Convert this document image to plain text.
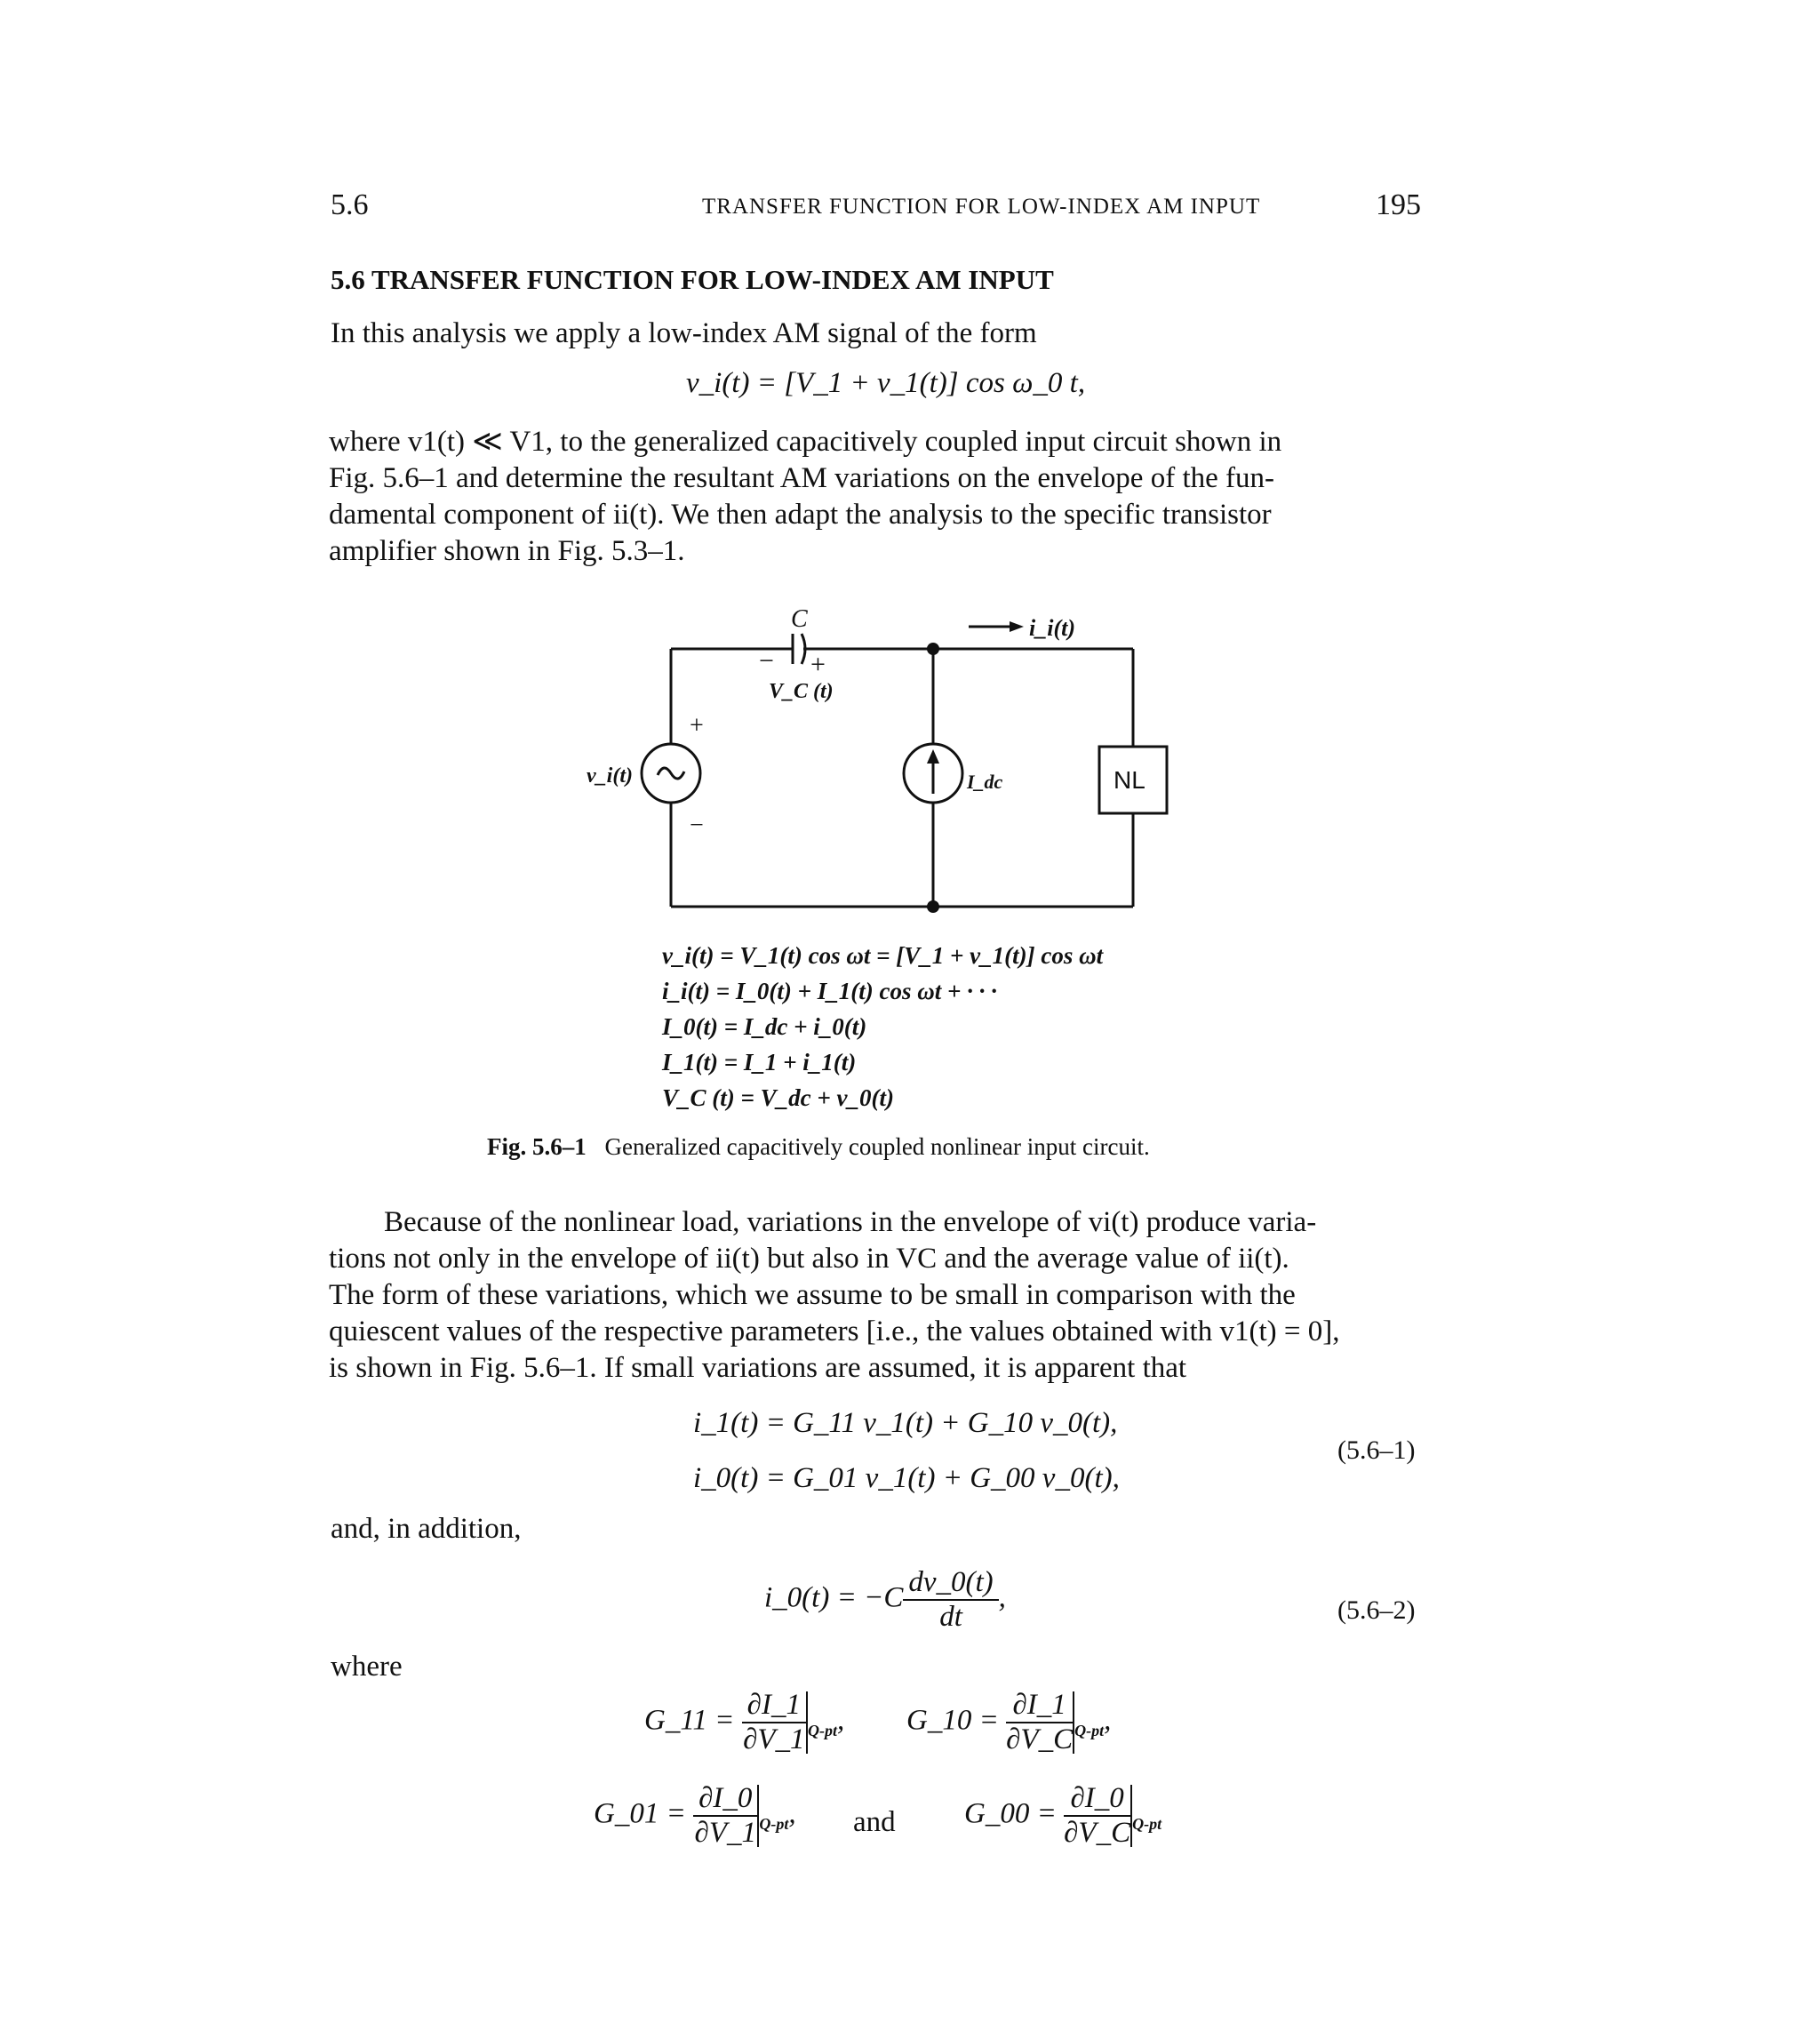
5.6	TRANSFER FUNCTION FOR LOW-INDEX AM INPUT	195
5.6 TRANSFER FUNCTION FOR LOW-INDEX AM INPUT
In this analysis we apply a low-index AM signal of the form
v_i(t) = [V_1 + v_1(t)] cos ω_0 t,
where v1(t) ≪ V1, to the generalized capacitively coupled input circuit shown in
Fig. 5.6–1 and determine the resultant AM variations on the envelope of the fun-
damental component of ii(t). We then adapt the analysis to the specific transistor
amplifier shown in Fig. 5.3–1.
C	i_i(t)
− +
V_C (t)
+
−
v_i(t)	I_dc	NL
v_i(t) = V_1(t) cos ωt = [V_1 + v_1(t)] cos ωt
i_i(t) = I_0(t) + I_1(t) cos ωt + · · ·
I_0(t) = I_dc + i_0(t)
I_1(t) = I_1 + i_1(t)
V_C (t) = V_dc + v_0(t)
Fig. 5.6–1 Generalized capacitively coupled nonlinear input circuit.
Because of the nonlinear load, variations in the envelope of vi(t) produce varia-
tions not only in the envelope of ii(t) but also in VC and the average value of ii(t).
The form of these variations, which we assume to be small in comparison with the
quiescent values of the respective parameters [i.e., the values obtained with v1(t) = 0],
is shown in Fig. 5.6–1. If small variations are assumed, it is apparent that
i_1(t) = G_11 v_1(t) + G_10 v_0(t),
i_0(t) = G_01 v_1(t) + G_00 v_0(t),
(5.6–1)
and, in addition,
i_0(t) = $-C \frac{dv\_0(t)}{dt}$ ,	(5.6–2)
where
G_11 = $\frac{\partial I\_1}{\partial V\_1} _{Q-pt}$, G_10 = $\frac{\partial I\_1}{\partial V\_C} _{Q-pt}$,
G_01 = $\frac{\partial I\_0}{\partial V\_1} _{Q-pt}$, and G_00 = $\frac{\partial I\_0}{\partial V\_C} _{Q-pt}$
